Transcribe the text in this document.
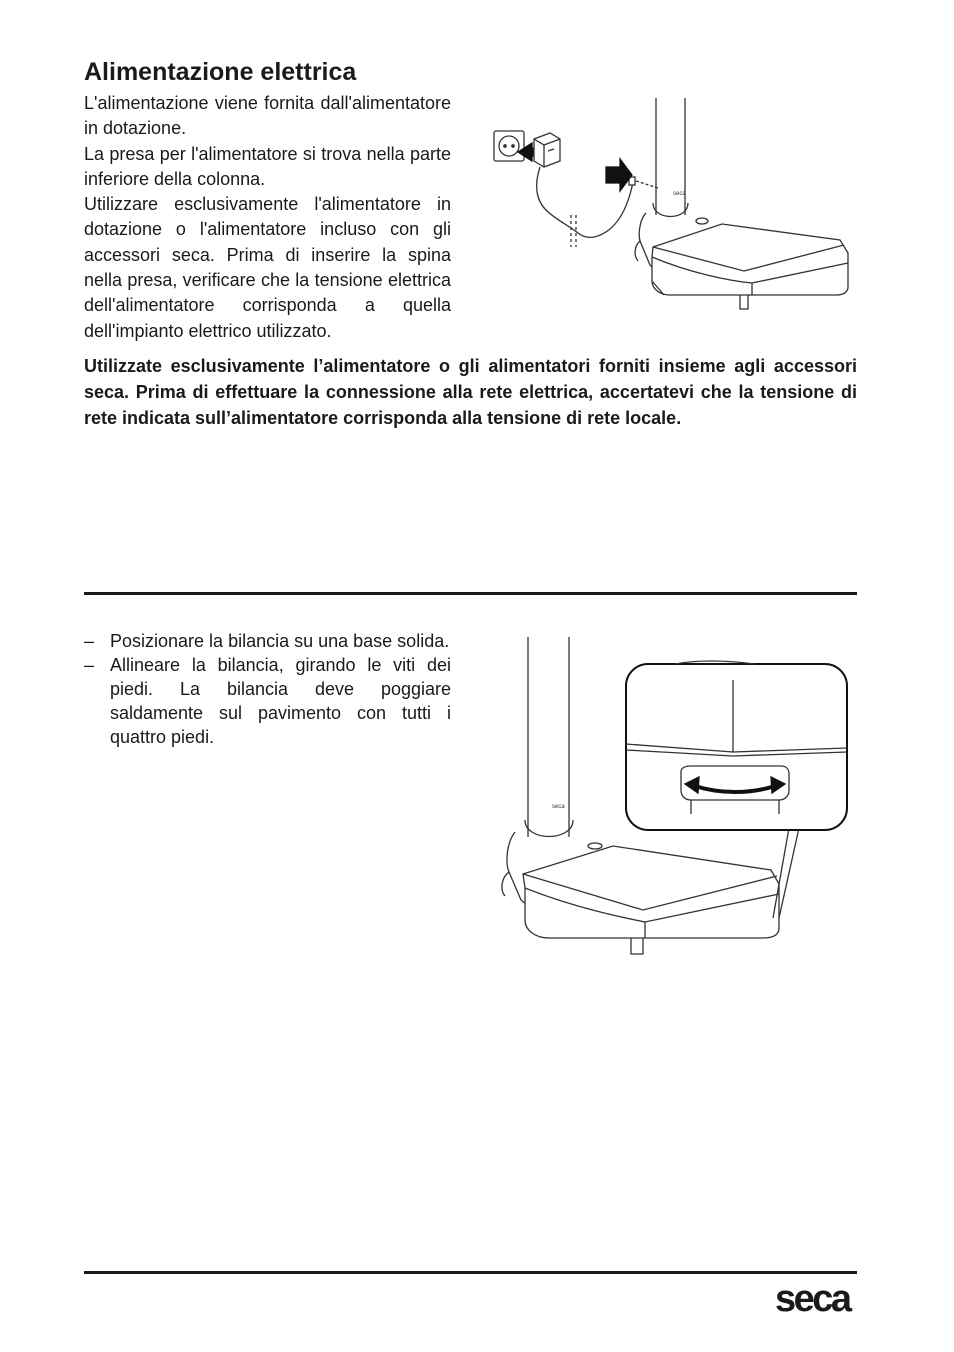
Alimentazione elettrica

L'alimentazione viene fornita dall'alimentatore in dotazione.

La presa per l'alimentatore si trova nella parte inferiore della colonna.

Utilizzare esclusivamente l'alimentatore in dotazione o l'alimentatore incluso con gli accessori seca. Prima di inserire la spina nella presa, verificare che la tensione elettrica dell'alimentatore corrisponda a quella dell'impianto elettrico utilizzato.

seca

Utilizzate esclusivamente l’alimentatore o gli alimentatori forniti insieme agli accessori seca. Prima di effettuare la connessione alla rete elettrica, accertatevi che la tensione di rete indicata sull’alimentatore corrisponda alla tensione di rete locale.

– Posizionare la bilancia su una base solida.
– Allineare la bilancia, girando le viti dei piedi. La bilancia deve poggiare saldamente sul pavimento con tutti i quattro piedi.
seca
seca
